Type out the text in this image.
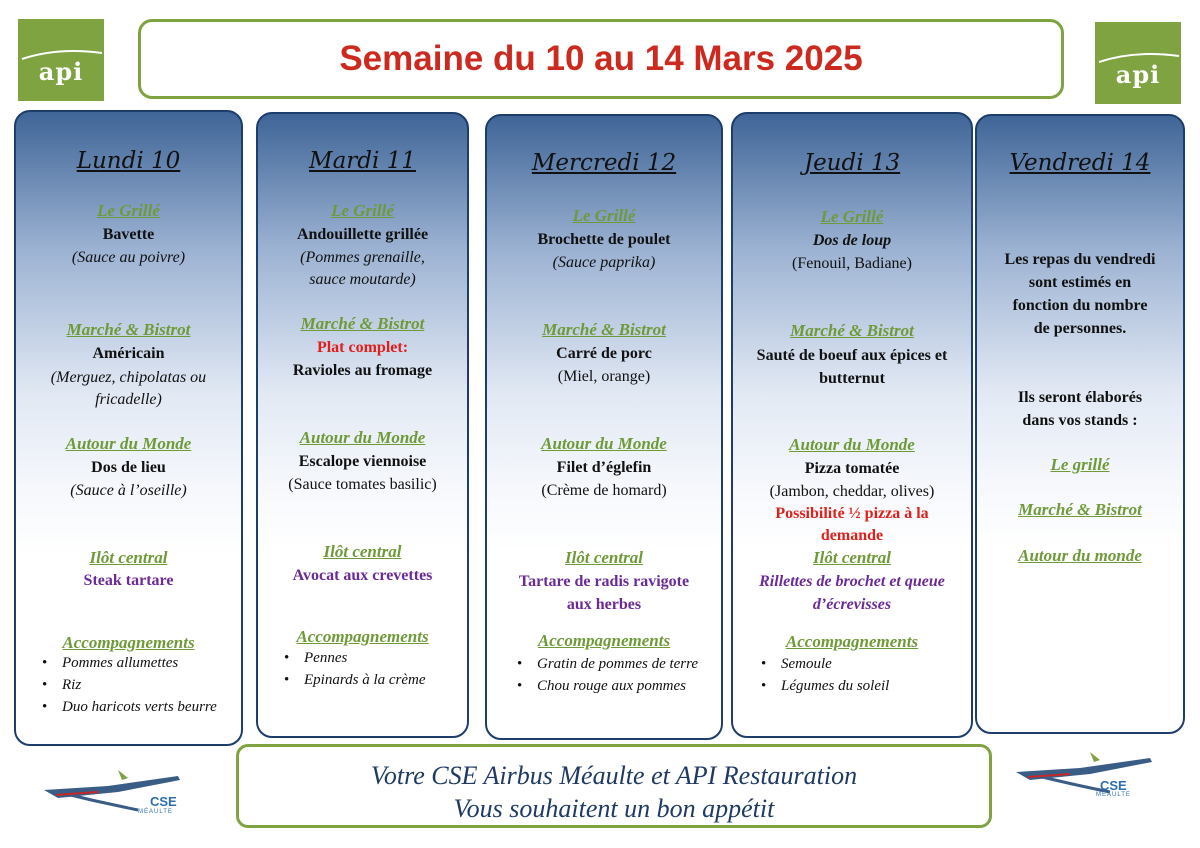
api	api
Semaine du 10 au 14 Mars 2025
Lundi 10
Le Grillé
Bavette
(Sauce au poivre)
Marché & Bistrot
Américain
(Merguez, chipolatas ou
fricadelle)
Autour du Monde
Dos de lieu
(Sauce à l’oseille)
Ilôt central
Steak tartare
Accompagnements
• Pommes allumettes
• Riz
• Duo haricots verts beurre
Mardi 11
Le Grillé
Andouillette grillée
(Pommes grenaille,
sauce moutarde)
Marché & Bistrot
Plat complet:
Ravioles au fromage
Autour du Monde
Escalope viennoise
(Sauce tomates basilic)
Ilôt central
Avocat aux crevettes
Accompagnements
• Pennes
• Epinards à la crème
Mercredi 12
Le Grillé
Brochette de poulet
(Sauce paprika)
Marché & Bistrot
Carré de porc
(Miel, orange)
Autour du Monde
Filet d’églefin
(Crème de homard)
Ilôt central
Tartare de radis ravigote
aux herbes
Accompagnements
• Gratin de pommes de terre
• Chou rouge aux pommes
Jeudi 13
Le Grillé
Dos de loup
(Fenouil, Badiane)
Marché & Bistrot
Sauté de boeuf aux épices et
butternut
Autour du Monde
Pizza tomatée
(Jambon, cheddar, olives)
Possibilité ½ pizza à la
demande
Ilôt central
Rillettes de brochet et queue
d’écrevisses
Accompagnements
• Semoule
• Légumes du soleil
Vendredi 14
Les repas du vendredi
sont estimés en
fonction du nombre
de personnes.
Ils seront élaborés
dans vos stands :
Le grillé
Marché & Bistrot
Autour du monde
CSE
MÉAULTE
CSE
MÉAULTE
Votre CSE Airbus Méaulte et API Restauration
Vous souhaitent un bon appétit
